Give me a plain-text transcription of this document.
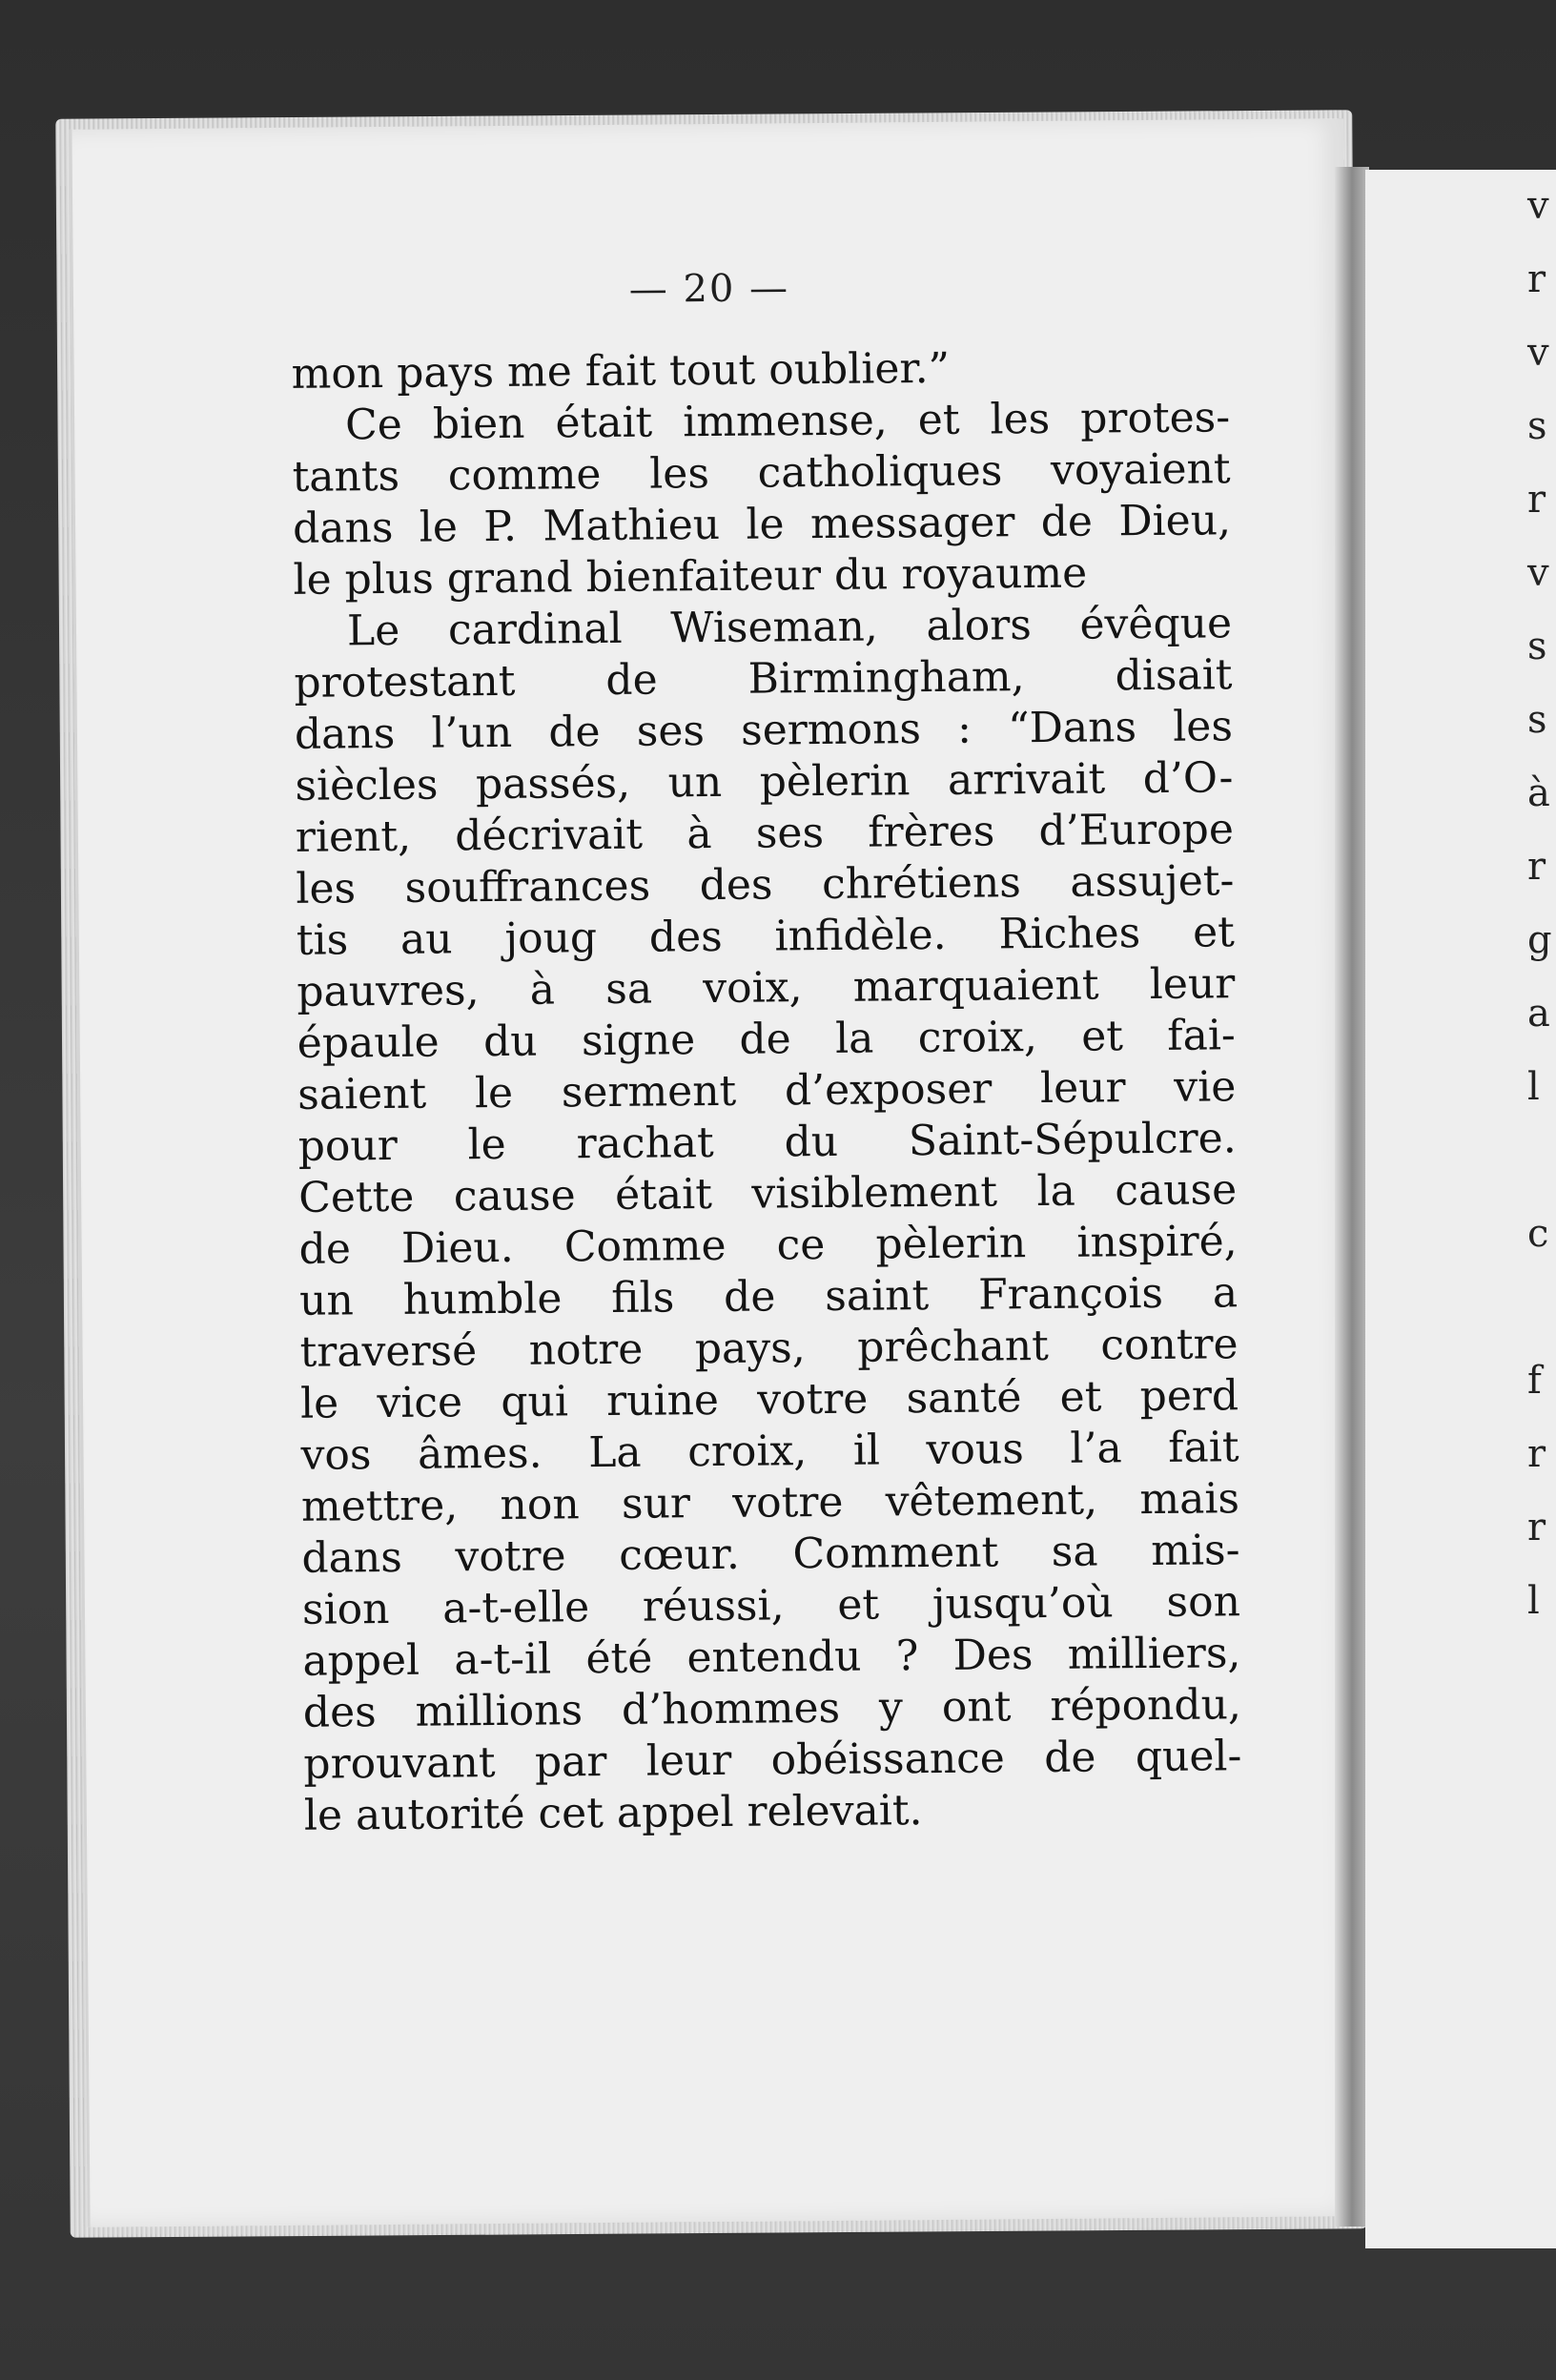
— 20 —
mon pays me fait tout oublier.”
Ce bien était immense, et les protes-
tants comme les catholiques voyaient
dans le P. Mathieu le messager de Dieu,
le plus grand bienfaiteur du royaume
Le cardinal Wiseman, alors évêque
protestant de Birmingham, disait
dans l’un de ses sermons : “Dans les
siècles passés, un pèlerin arrivait d’O-
rient, décrivait à ses frères d’Europe
les souffrances des chrétiens assujet-
tis au joug des infidèle. Riches et
pauvres, à sa voix, marquaient leur
épaule du signe de la croix, et fai-
saient le serment d’exposer leur vie
pour le rachat du Saint-Sépulcre.
Cette cause était visiblement la cause
de Dieu. Comme ce pèlerin inspiré,
un humble fils de saint François a
traversé notre pays, prêchant contre
le vice qui ruine votre santé et perd
vos âmes. La croix, il vous l’a fait
mettre, non sur votre vêtement, mais
dans votre cœur. Comment sa mis-
sion a-t-elle réussi, et jusqu’où son
appel a-t-il été entendu ? Des milliers,
des millions d’hommes y ont répondu,
prouvant par leur obéissance de quel-
le autorité cet appel relevait.
v
r
v
s
r
v
s
s
à
r
g
a
l
c
f
r
r
l
